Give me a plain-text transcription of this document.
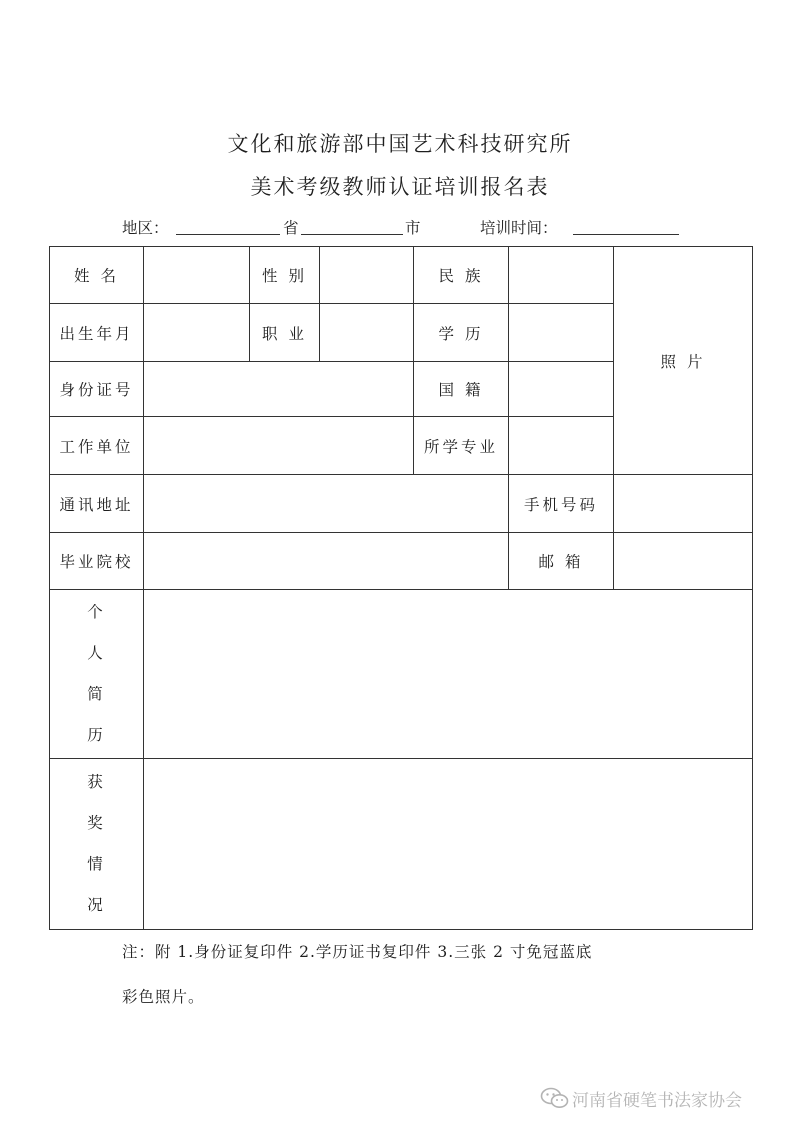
文化和旅游部中国艺术科技研究所
美术考级教师认证培训报名表
地区：	省	市	培训时间：
姓 名		性 别		民 族		照 片
出生年月		职 业		学 历		
身份证号				国 籍		
工作单位				所学专业		
通讯地址					手机号码	
毕业院校					邮 箱	

个
人
简
历						

获
奖
情
况						

注：附 1.身份证复印件 2.学历证书复印件 3.三张 2 寸免冠蓝底
彩色照片。
河南省硬笔书法家协会
